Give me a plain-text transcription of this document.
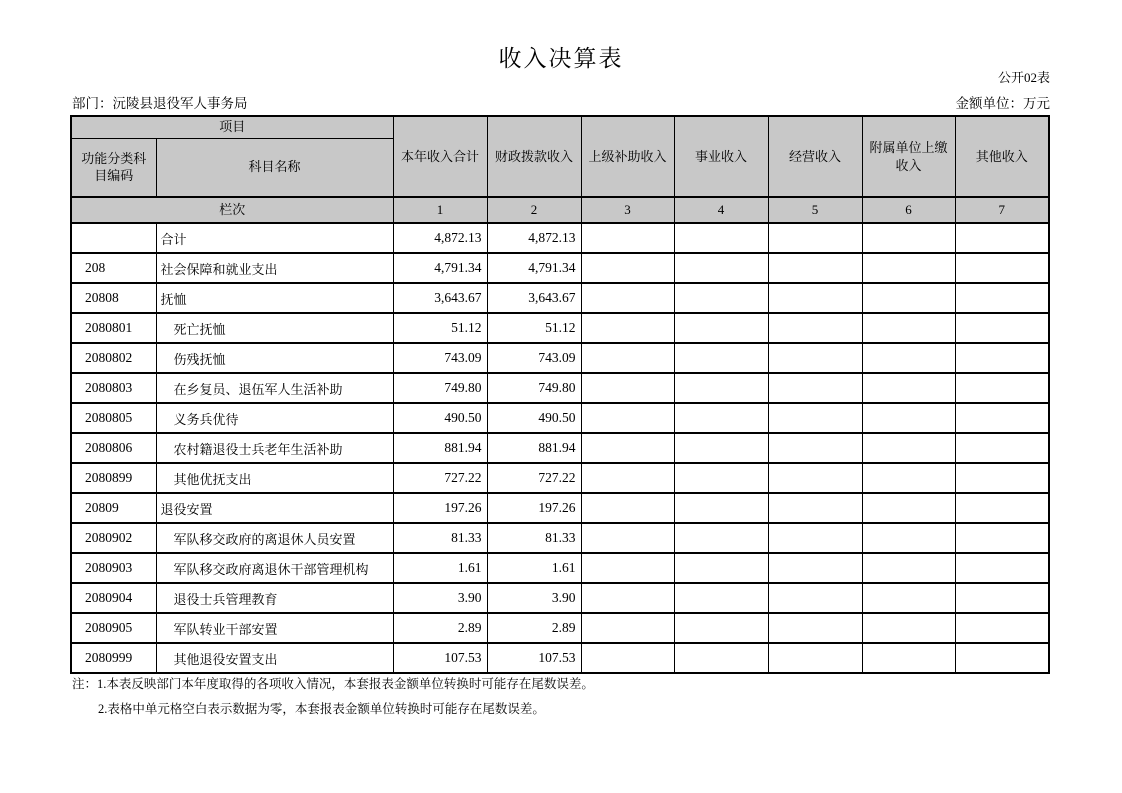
收入决算表
公开02表
部门：沅陵县退役军人事务局	金额单位：万元
项目		本年收入合计	财政拨款收入	上级补助收入	事业收入	经营收入	附属单位上缴收入	其他收入
功能分类科目编码	科目名称							
栏次		1	2	3	4	5	6	7
	合计	4,872.13	4,872.13					
208	社会保障和就业支出	4,791.34	4,791.34					
20808	抚恤	3,643.67	3,643.67					
2080801	死亡抚恤	51.12	51.12					
2080802	伤残抚恤	743.09	743.09					
2080803	在乡复员、退伍军人生活补助	749.80	749.80					
2080805	义务兵优待	490.50	490.50					
2080806	农村籍退役士兵老年生活补助	881.94	881.94					
2080899	其他优抚支出	727.22	727.22					
20809	退役安置	197.26	197.26					
2080902	军队移交政府的离退休人员安置	81.33	81.33					
2080903	军队移交政府离退休干部管理机构	1.61	1.61					
2080904	退役士兵管理教育	3.90	3.90					
2080905	军队转业干部安置	2.89	2.89					
2080999	其他退役安置支出	107.53	107.53					
注：1.本表反映部门本年度取得的各项收入情况，本套报表金额单位转换时可能存在尾数误差。
2.表格中单元格空白表示数据为零，本套报表金额单位转换时可能存在尾数误差。
